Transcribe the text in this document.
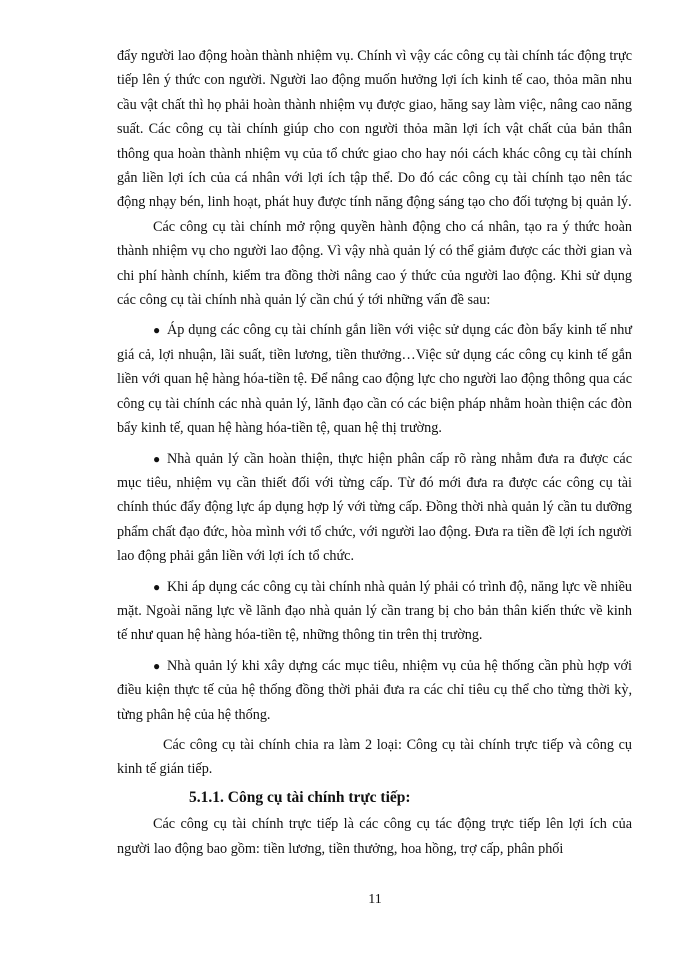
đẩy người lao động hoàn thành nhiệm vụ. Chính vì vậy các công cụ tài chính tác động trực tiếp lên ý thức con người. Người lao động muốn hưởng lợi ích kinh tế cao, thỏa mãn nhu cầu vật chất thì họ phải hoàn thành nhiệm vụ được giao, hăng say làm việc, nâng cao năng suất. Các công cụ tài chính giúp cho con người thỏa mãn lợi ích vật chất của bản thân thông qua hoàn thành nhiệm vụ của tổ chức giao cho hay nói cách khác công cụ tài chính gắn liền lợi ích của cá nhân với lợi ích tập thể. Do đó các công cụ tài chính tạo nên tác động nhạy bén, linh hoạt, phát huy được tính năng động sáng tạo cho đối tượng bị quản lý.

Các công cụ tài chính mở rộng quyền hành động cho cá nhân, tạo ra ý thức hoàn thành nhiệm vụ cho người lao động. Vì vậy nhà quản lý có thể giảm được các thời gian và chi phí hành chính, kiểm tra đồng thời nâng cao ý thức của người lao động. Khi sử dụng các công cụ tài chính nhà quản lý cần chú ý tới những vấn đề sau:

● Áp dụng các công cụ tài chính gắn liền với việc sử dụng các đòn bẩy kinh tế như giá cả, lợi nhuận, lãi suất, tiền lương, tiền thưởng…Việc sử dụng các công cụ kinh tế gắn liền với quan hệ hàng hóa-tiền tệ. Để nâng cao động lực cho người lao động thông qua các công cụ tài chính các nhà quản lý, lãnh đạo cần có các biện pháp nhằm hoàn thiện các đòn bẩy kinh tế, quan hệ hàng hóa-tiền tệ, quan hệ thị trường.

● Nhà quản lý cần hoàn thiện, thực hiện phân cấp rõ ràng nhằm đưa ra được các mục tiêu, nhiệm vụ cần thiết đối với từng cấp. Từ đó mới đưa ra được các công cụ tài chính thúc đẩy động lực áp dụng hợp lý với từng cấp. Đồng thời nhà quản lý cần tu dưỡng phẩm chất đạo đức, hòa mình với tổ chức, với người lao động. Đưa ra tiền đề lợi ích người lao động phải gắn liền với lợi ích tổ chức.

● Khi áp dụng các công cụ tài chính nhà quản lý phải có trình độ, năng lực về nhiều mặt. Ngoài năng lực về lãnh đạo nhà quản lý cần trang bị cho bản thân kiến thức về kinh tế như quan hệ hàng hóa-tiền tệ, những thông tin trên thị trường.

● Nhà quản lý khi xây dựng các mục tiêu, nhiệm vụ của hệ thống cần phù hợp với điều kiện thực tế của hệ thống đồng thời phải đưa ra các chỉ tiêu cụ thể cho từng thời kỳ, từng phân hệ của hệ thống.

Các công cụ tài chính chia ra làm 2 loại: Công cụ tài chính trực tiếp và công cụ kinh tế gián tiếp.

5.1.1. Công cụ tài chính trực tiếp:

Các công cụ tài chính trực tiếp là các công cụ tác động trực tiếp lên lợi ích của người lao động bao gồm: tiền lương, tiền thưởng, hoa hồng, trợ cấp, phân phối

11
